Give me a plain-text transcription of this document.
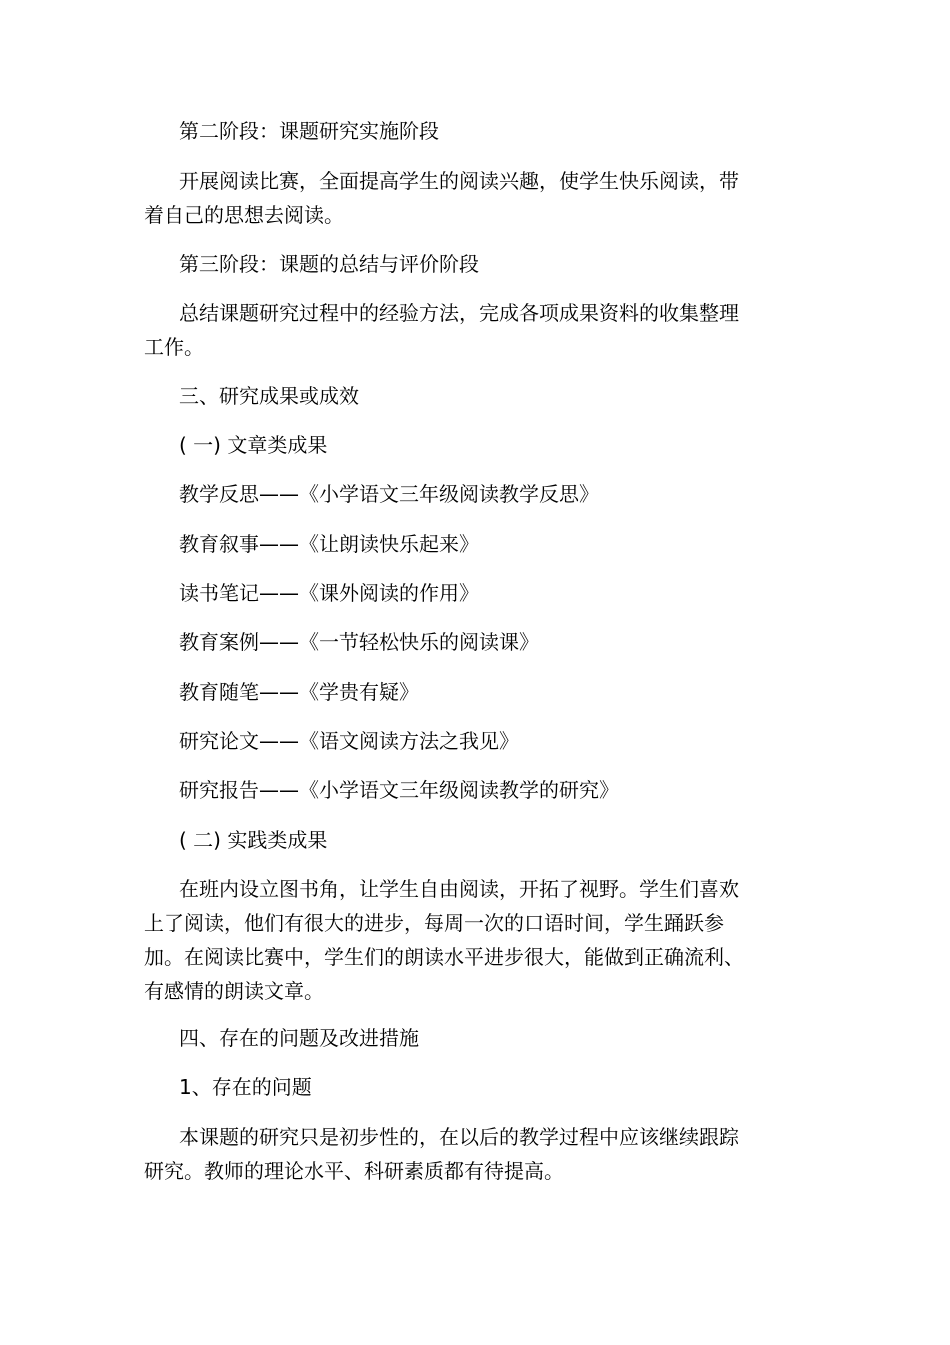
第二阶段：课题研究实施阶段
开展阅读比赛，全面提高学生的阅读兴趣，使学生快乐阅读，带
着自己的思想去阅读。
第三阶段：课题的总结与评价阶段
总结课题研究过程中的经验方法，完成各项成果资料的收集整理
工作。
三、研究成果或成效
( 一) 文章类成果
教学反思——《小学语文三年级阅读教学反思》
教育叙事——《让朗读快乐起来》
读书笔记——《课外阅读的作用》
教育案例——《一节轻松快乐的阅读课》
教育随笔——《学贵有疑》
研究论文——《语文阅读方法之我见》
研究报告——《小学语文三年级阅读教学的研究》
( 二) 实践类成果
在班内设立图书角，让学生自由阅读，开拓了视野。学生们喜欢
上了阅读，他们有很大的进步，每周一次的口语时间，学生踊跃参
加。在阅读比赛中，学生们的朗读水平进步很大，能做到正确流利、
有感情的朗读文章。
四、存在的问题及改进措施
1、存在的问题
本课题的研究只是初步性的，在以后的教学过程中应该继续跟踪
研究。教师的理论水平、科研素质都有待提高。
